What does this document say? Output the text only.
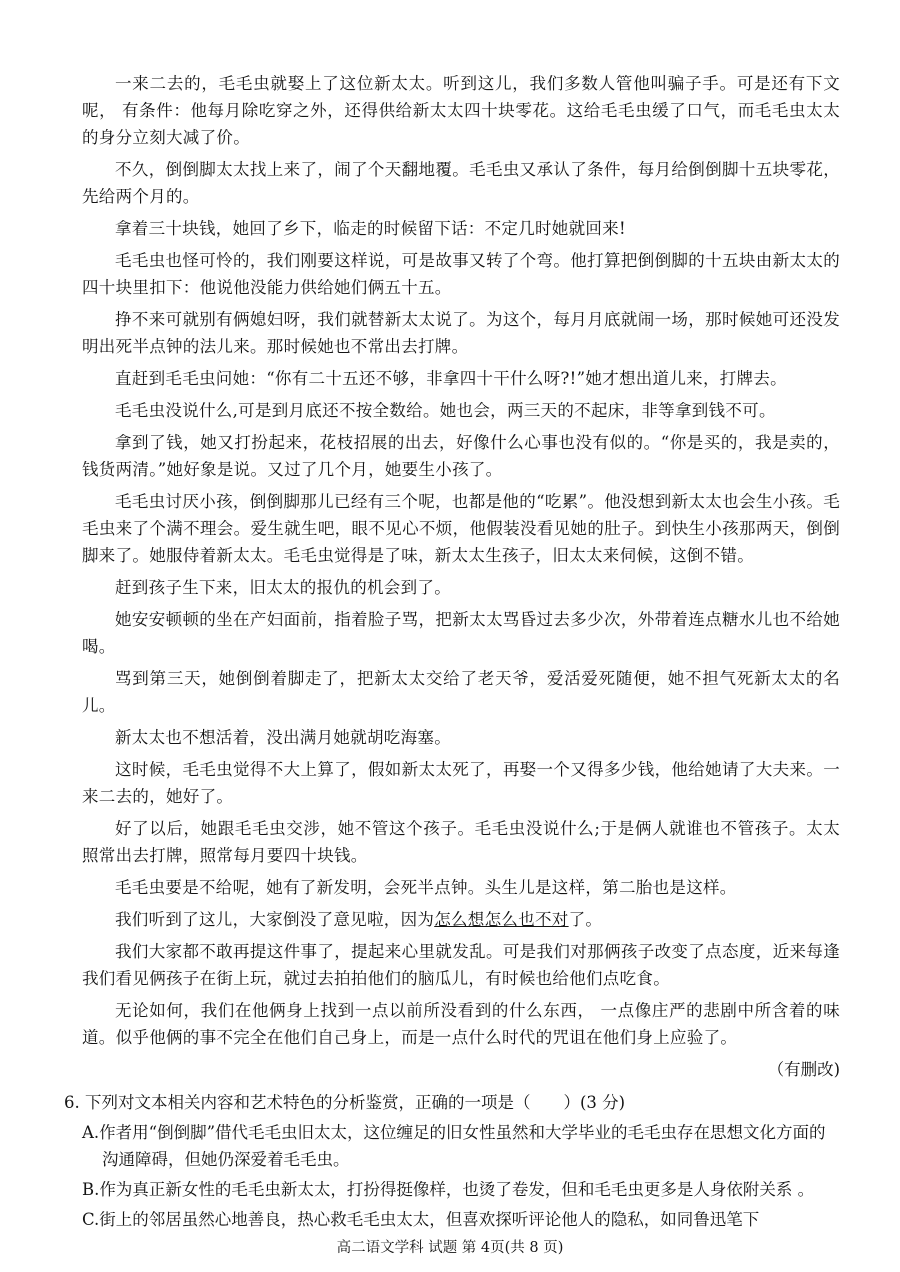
一来二去的，毛毛虫就娶上了这位新太太。听到这儿，我们多数人管他叫骗子手。可是还有下文呢， 有条件：他每月除吃穿之外，还得供给新太太四十块零花。这给毛毛虫缓了口气，而毛毛虫太太的身分立刻大减了价。

不久，倒倒脚太太找上来了，闹了个天翻地覆。毛毛虫又承认了条件，每月给倒倒脚十五块零花，先给两个月的。

拿着三十块钱，她回了乡下，临走的时候留下话：不定几时她就回来!

毛毛虫也怪可怜的，我们刚要这样说，可是故事又转了个弯。他打算把倒倒脚的十五块由新太太的四十块里扣下：他说他没能力供给她们俩五十五。

挣不来可就别有俩媳妇呀，我们就替新太太说了。为这个，每月月底就闹一场，那时候她可还没发明出死半点钟的法儿来。那时候她也不常出去打牌。

直赶到毛毛虫问她：“你有二十五还不够，非拿四十干什么呀?!”她才想出道儿来，打牌去。

毛毛虫没说什么,可是到月底还不按全数给。她也会，两三天的不起床，非等拿到钱不可。

拿到了钱，她又打扮起来，花枝招展的出去，好像什么心事也没有似的。“你是买的，我是卖的，钱货两清。”她好象是说。又过了几个月，她要生小孩了。

毛毛虫讨厌小孩，倒倒脚那儿已经有三个呢，也都是他的“吃累”。他没想到新太太也会生小孩。毛毛虫来了个满不理会。爱生就生吧，眼不见心不烦，他假装没看见她的肚子。到快生小孩那两天，倒倒脚来了。她服侍着新太太。毛毛虫觉得是了味，新太太生孩子，旧太太来伺候，这倒不错。

赶到孩子生下来，旧太太的报仇的机会到了。

她安安顿顿的坐在产妇面前，指着脸子骂，把新太太骂昏过去多少次，外带着连点糖水儿也不给她喝。

骂到第三天，她倒倒着脚走了，把新太太交给了老天爷，爱活爱死随便，她不担气死新太太的名儿。

新太太也不想活着，没出满月她就胡吃海塞。

这时候，毛毛虫觉得不大上算了，假如新太太死了，再娶一个又得多少钱，他给她请了大夫来。一来二去的，她好了。

好了以后，她跟毛毛虫交涉，她不管这个孩子。毛毛虫没说什么;于是俩人就谁也不管孩子。太太照常出去打牌，照常每月要四十块钱。

毛毛虫要是不给呢，她有了新发明，会死半点钟。头生儿是这样，第二胎也是这样。

我们听到了这儿，大家倒没了意见啦，因为怎么想怎么也不对了。

我们大家都不敢再提这件事了，提起来心里就发乱。可是我们对那俩孩子改变了点态度，近来每逢我们看见俩孩子在街上玩，就过去拍拍他们的脑瓜儿，有时候也给他们点吃食。

无论如何，我们在他俩身上找到一点以前所没看到的什么东西， 一点像庄严的悲剧中所含着的味道。似乎他俩的事不完全在他们自己身上，而是一点什么时代的咒诅在他们身上应验了。

（有删改)
6. 下列对文本相关内容和艺术特色的分析鉴赏，正确的一项是（　　）(3 分)
A.作者用“倒倒脚”借代毛毛虫旧太太，这位缠足的旧女性虽然和大学毕业的毛毛虫存在思想文化方面的沟通障碍，但她仍深爱着毛毛虫。
B.作为真正新女性的毛毛虫新太太，打扮得挺像样，也烫了卷发，但和毛毛虫更多是人身依附关系 。
C.街上的邻居虽然心地善良，热心救毛毛虫太太，但喜欢探听评论他人的隐私，如同鲁迅笔下
高二语文学科 试题 第 4页(共 8 页)
